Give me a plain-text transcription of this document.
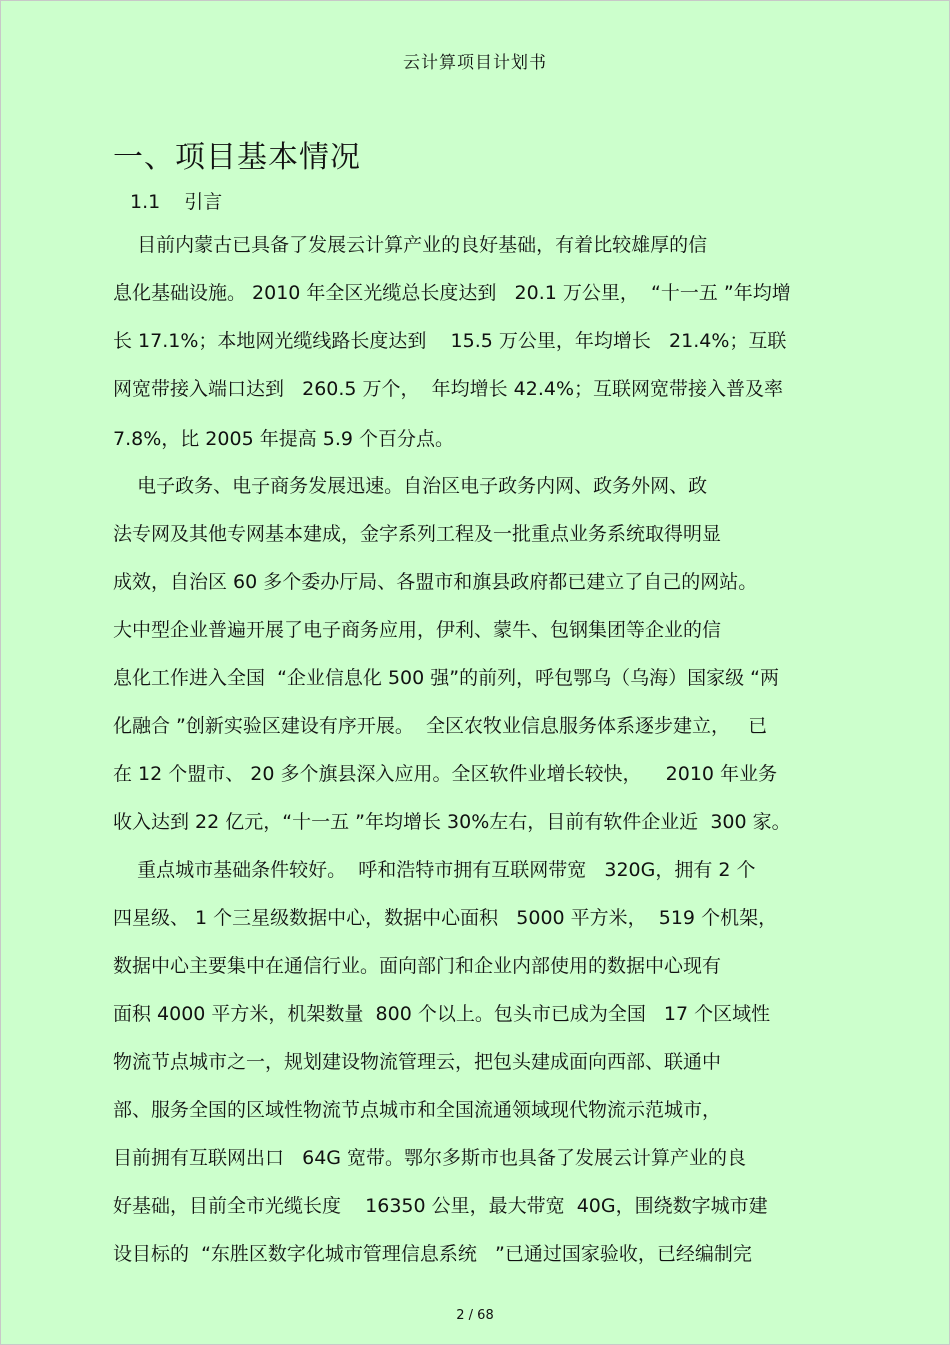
云计算项目计划书
一、项目基本情况
1.1 引言
目前内蒙古已具备了发展云计算产业的良好基础，有着比较雄厚的信
息化基础设施。 2010 年全区光缆总长度达到   20.1 万公里，  “十一五 ”年均增
长 17.1%；本地网光缆线路长度达到    15.5 万公里，年均增长   21.4%；互联
网宽带接入端口达到   260.5 万个，  年均增长 42.4%；互联网宽带接入普及率
7.8%，比 2005 年提高 5.9 个百分点。
电子政务、电子商务发展迅速。自治区电子政务内网、政务外网、政
法专网及其他专网基本建成，金字系列工程及一批重点业务系统取得明显
成效，自治区 60 多个委办厅局、各盟市和旗县政府都已建立了自己的网站。
大中型企业普遍开展了电子商务应用，伊利、蒙牛、包钢集团等企业的信
息化工作进入全国  “企业信息化 500 强”的前列，呼包鄂乌（乌海）国家级 “两
化融合 ”创新实验区建设有序开展。  全区农牧业信息服务体系逐步建立，   已
在 12 个盟市、 20 多个旗县深入应用。全区软件业增长较快，    2010 年业务
收入达到 22 亿元，“十一五 ”年均增长 30%左右，目前有软件企业近  300 家。
重点城市基础条件较好。  呼和浩特市拥有互联网带宽   320G，拥有 2 个
四星级、 1 个三星级数据中心，数据中心面积   5000 平方米，  519 个机架，
数据中心主要集中在通信行业。面向部门和企业内部使用的数据中心现有
面积 4000 平方米，机架数量  800 个以上。包头市已成为全国   17 个区域性
物流节点城市之一，规划建设物流管理云，把包头建成面向西部、联通中
部、服务全国的区域性物流节点城市和全国流通领域现代物流示范城市，
目前拥有互联网出口   64G 宽带。鄂尔多斯市也具备了发展云计算产业的良
好基础，目前全市光缆长度    16350 公里，最大带宽  40G，围绕数字城市建
设目标的  “东胜区数字化城市管理信息系统   ”已通过国家验收，已经编制完
2 / 68
